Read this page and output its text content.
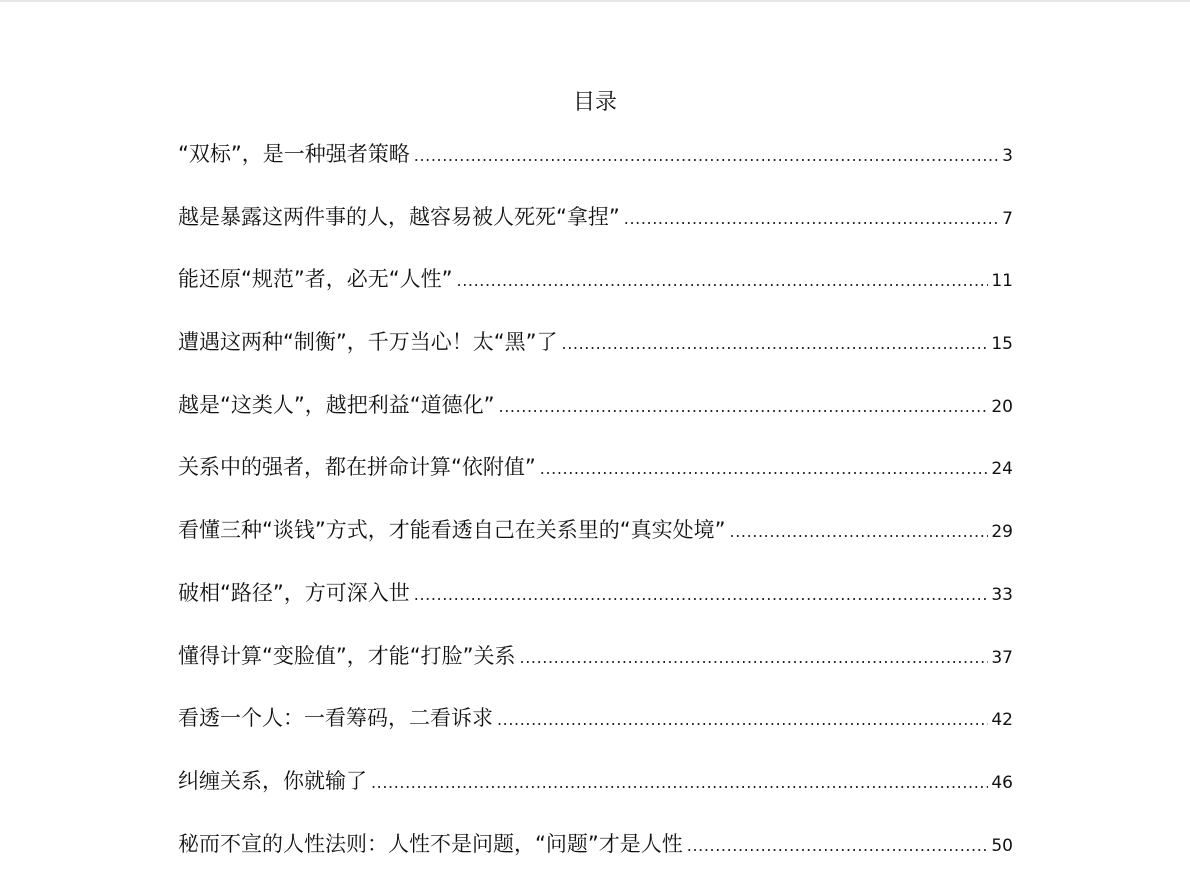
目录
“双标”，是一种强者策略 .....	3
越是暴露这两件事的人，越容易被人死死“拿捏” .....	7
能还原“规范”者，必无“人性” .....	11
遭遇这两种“制衡”，千万当心！太“黑”了 .....	15
越是“这类人”，越把利益“道德化” .....	20
关系中的强者，都在拼命计算“依附值” .....	24
看懂三种“谈钱”方式，才能看透自己在关系里的“真实处境” .....	29
破相“路径”，方可深入世 .....	33
懂得计算“变脸值”，才能“打脸”关系 .....	37
看透一个人：一看筹码，二看诉求 .....	42
纠缠关系，你就输了 .....	46
秘而不宣的人性法则：人性不是问题，“问题”才是人性 .....	50
